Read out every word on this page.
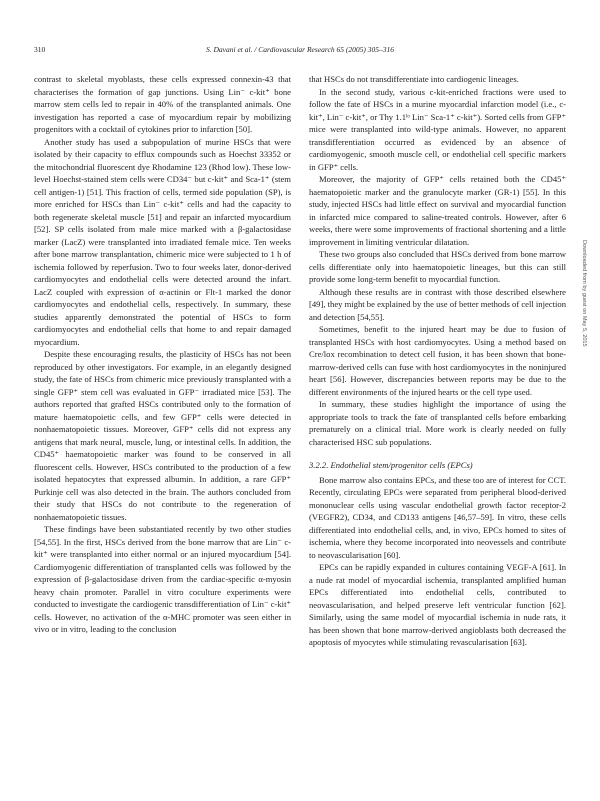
310	S. Davani et al. / Cardiovascular Research 65 (2005) 305–316

contrast to skeletal myoblasts, these cells expressed connexin-43 that characterises the formation of gap junctions. Using Lin⁻ c-kit⁺ bone marrow stem cells led to repair in 40% of the transplanted animals. One investigation has reported a case of myocardium repair by mobilizing progenitors with a cocktail of cytokines prior to infarction [50].

Another study has used a subpopulation of murine HSCs that were isolated by their capacity to efflux compounds such as Hoechst 33352 or the mitochondrial fluorescent dye Rhodamine 123 (Rhod low). These low-level Hoechst-stained stem cells were CD34⁻ but c-kit⁺ and Sca-1⁺ (stem cell antigen-1) [51]. This fraction of cells, termed side population (SP), is more enriched for HSCs than Lin⁻ c-kit⁺ cells and had the capacity to both regenerate skeletal muscle [51] and repair an infarcted myocardium [52]. SP cells isolated from male mice marked with a β-galactosidase marker (LacZ) were transplanted into irradiated female mice. Ten weeks after bone marrow transplantation, chimeric mice were subjected to 1 h of ischemia followed by reperfusion. Two to four weeks later, donor-derived cardiomyocytes and endothelial cells were detected around the infart. LacZ coupled with expression of α-actinin or Flt-1 marked the donor cardiomyocytes and endothelial cells, respectively. In summary, these studies apparently demonstrated the potential of HSCs to form cardiomyocytes and endothelial cells that home to and repair damaged myocardium.

Despite these encouraging results, the plasticity of HSCs has not been reproduced by other investigators. For example, in an elegantly designed study, the fate of HSCs from chimeric mice previously transplanted with a single GFP⁺ stem cell was evaluated in GFP⁻ irradiated mice [53]. The authors reported that grafted HSCs contributed only to the formation of mature haematopoietic cells, and few GFP⁺ cells were detected in nonhaematopoietic tissues. Moreover, GFP⁺ cells did not express any antigens that mark neural, muscle, lung, or intestinal cells. In addition, the CD45⁺ haematopoietic marker was found to be conserved in all fluorescent cells. However, HSCs contributed to the production of a few isolated hepatocytes that expressed albumin. In addition, a rare GFP⁺ Purkinje cell was also detected in the brain. The authors concluded from their study that HSCs do not contribute to the regeneration of nonhaematopoietic tissues.

These findings have been substantiated recently by two other studies [54,55]. In the first, HSCs derived from the bone marrow that are Lin⁻ c-kit⁺ were transplanted into either normal or an injured myocardium [54]. Cardiomyogenic differentiation of transplanted cells was followed by the expression of β-galactosidase driven from the cardiac-specific α-myosin heavy chain promoter. Parallel in vitro coculture experiments were conducted to investigate the cardiogenic transdifferentiation of Lin⁻ c-kit⁺ cells. However, no activation of the α-MHC promoter was seen either in vivo or in vitro, leading to the conclusion

that HSCs do not transdifferentiate into cardiogenic lineages.

In the second study, various c-kit-enriched fractions were used to follow the fate of HSCs in a murine myocardial infarction model (i.e., c-kit⁺, Lin⁻ c-kit⁺, or Thy 1.1ˡᵒ Lin⁻ Sca-1⁺ c-kit⁺). Sorted cells from GFP⁺ mice were transplanted into wild-type animals. However, no apparent transdifferentiation occurred as evidenced by an absence of cardiomyogenic, smooth muscle cell, or endothelial cell specific markers in GFP⁺ cells.

Moreover, the majority of GFP⁺ cells retained both the CD45⁺ haematopoietic marker and the granulocyte marker (GR-1) [55]. In this study, injected HSCs had little effect on survival and myocardial function in infarcted mice compared to saline-treated controls. However, after 6 weeks, there were some improvements of fractional shortening and a little improvement in limiting ventricular dilatation.

These two groups also concluded that HSCs derived from bone marrow cells differentiate only into haematopoietic lineages, but this can still provide some long-term benefit to myocardial function.

Although these results are in contrast with those described elsewhere [49], they might be explained by the use of better methods of cell injection and detection [54,55].

Sometimes, benefit to the injured heart may be due to fusion of transplanted HSCs with host cardiomyocytes. Using a method based on Cre/lox recombination to detect cell fusion, it has been shown that bone-marrow-derived cells can fuse with host cardiomyocytes in the noninjured heart [56]. However, discrepancies between reports may be due to the different environments of the injured hearts or the cell type used.

In summary, these studies highlight the importance of using the appropriate tools to track the fate of transplanted cells before embarking prematurely on a clinical trial. More work is clearly needed on fully characterised HSC sub populations.

3.2.2. Endothelial stem/progenitor cells (EPCs)

Bone marrow also contains EPCs, and these too are of interest for CCT. Recently, circulating EPCs were separated from peripheral blood-derived mononuclear cells using vascular endothelial growth factor receptor-2 (VEGFR2), CD34, and CD133 antigens [46,57–59]. In vitro, these cells differentiated into endothelial cells, and, in vivo, EPCs homed to sites of ischemia, where they become incorporated into neovessels and contribute to neovascularisation [60].

EPCs can be rapidly expanded in cultures containing VEGF-A [61]. In a nude rat model of myocardial ischemia, transplanted amplified human EPCs differentiated into endothelial cells, contributed to neovascularisation, and helped preserve left ventricular function [62]. Similarly, using the same model of myocardial ischemia in nude rats, it has been shown that bone marrow-derived angioblasts both decreased the apoptosis of myocytes while stimulating revascularisation [63].

Downloaded from by guest on May 5, 2015
